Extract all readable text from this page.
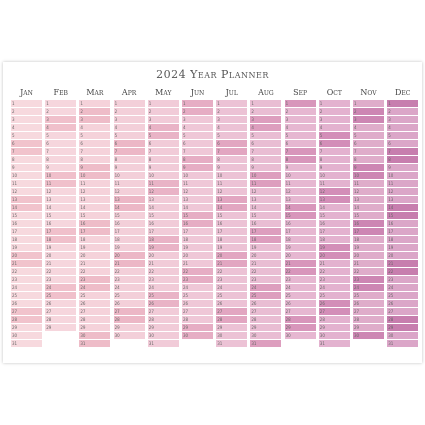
2024 Year Planner
Jan
1
2
3
4
5
6
7
8
9
10
11
12
13
14
15
16
17
18
19
20
21
22
23
24
25
26
27
28
29
30
31
Feb
1
2
3
4
5
6
7
8
9
10
11
12
13
14
15
16
17
18
19
20
21
22
23
24
25
26
27
28
29
Mar
1
2
3
4
5
6
7
8
9
10
11
12
13
14
15
16
17
18
19
20
21
22
23
24
25
26
27
28
29
30
31
Apr
1
2
3
4
5
6
7
8
9
10
11
12
13
14
15
16
17
18
19
20
21
22
23
24
25
26
27
28
29
30
May
1
2
3
4
5
6
7
8
9
10
11
12
13
14
15
16
17
18
19
20
21
22
23
24
25
26
27
28
29
30
31
Jun
1
2
3
4
5
6
7
8
9
10
11
12
13
14
15
16
17
18
19
20
21
22
23
24
25
26
27
28
29
30
Jul
1
2
3
4
5
6
7
8
9
10
11
12
13
14
15
16
17
18
19
20
21
22
23
24
25
26
27
28
29
30
31
Aug
1
2
3
4
5
6
7
8
9
10
11
12
13
14
15
16
17
18
19
20
21
22
23
24
25
26
27
28
29
30
31
Sep
1
2
3
4
5
6
7
8
9
10
11
12
13
14
15
16
17
18
19
20
21
22
23
24
25
26
27
28
29
30
Oct
1
2
3
4
5
6
7
8
9
10
11
12
13
14
15
16
17
18
19
20
21
22
23
24
25
26
27
28
29
30
31
Nov
1
2
3
4
5
6
7
8
9
10
11
12
13
14
15
16
17
18
19
20
21
22
23
24
25
26
27
28
29
30
Dec
1
2
3
4
5
6
7
8
9
10
11
12
13
14
15
16
17
18
19
20
21
22
23
24
25
26
27
28
29
30
31
